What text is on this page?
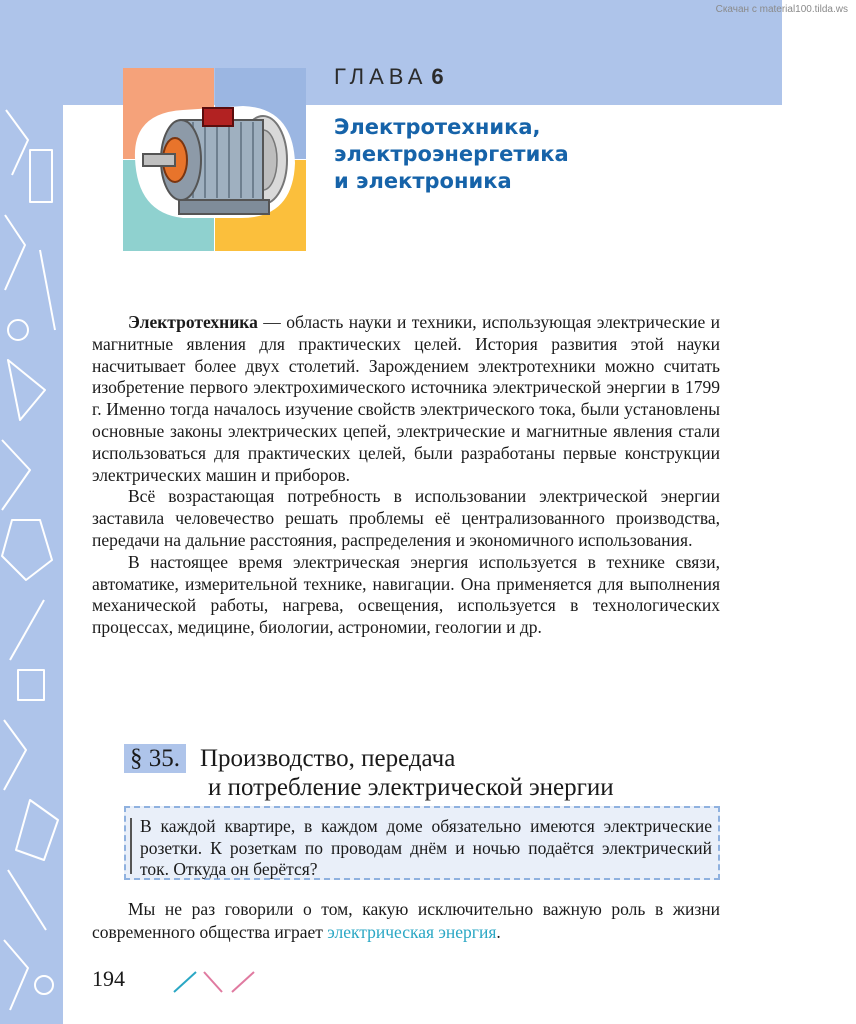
Скачан с material100.tilda.ws
ГЛАВА 6
Электротехника,
электроэнергетика
и электроника

Электротехника — область науки и техники, использующая электрические и магнитные явления для практических целей. История развития этой науки насчитывает более двух столетий. Зарождением электротехники можно считать изобретение первого электрохимического источника электрической энергии в 1799 г. Именно тогда началось изучение свойств электрического тока, были установлены основные законы электрических цепей, электрические и магнитные явления стали использоваться для практических целей, были разработаны первые конструкции электрических машин и приборов.

Всё возрастающая потребность в использовании электрической энергии заставила человечество решать проблемы её централизованного производства, передачи на дальние расстояния, распределения и экономичного использования.

В настоящее время электрическая энергия используется в технике связи, автоматике, измерительной технике, навигации. Она применяется для выполнения механической работы, нагрева, освещения, используется в технологических процессах, медицине, биологии, астрономии, геологии и др.

§ 35. Производство, передача
и потребление электрической энергии
В каждой квартире, в каждом доме обязательно имеются электрические розетки. К розеткам по проводам днём и ночью подаётся электрический ток. Откуда он берётся?

Мы не раз говорили о том, какую исключительно важную роль в жизни современного общества играет электрическая энергия.

194
